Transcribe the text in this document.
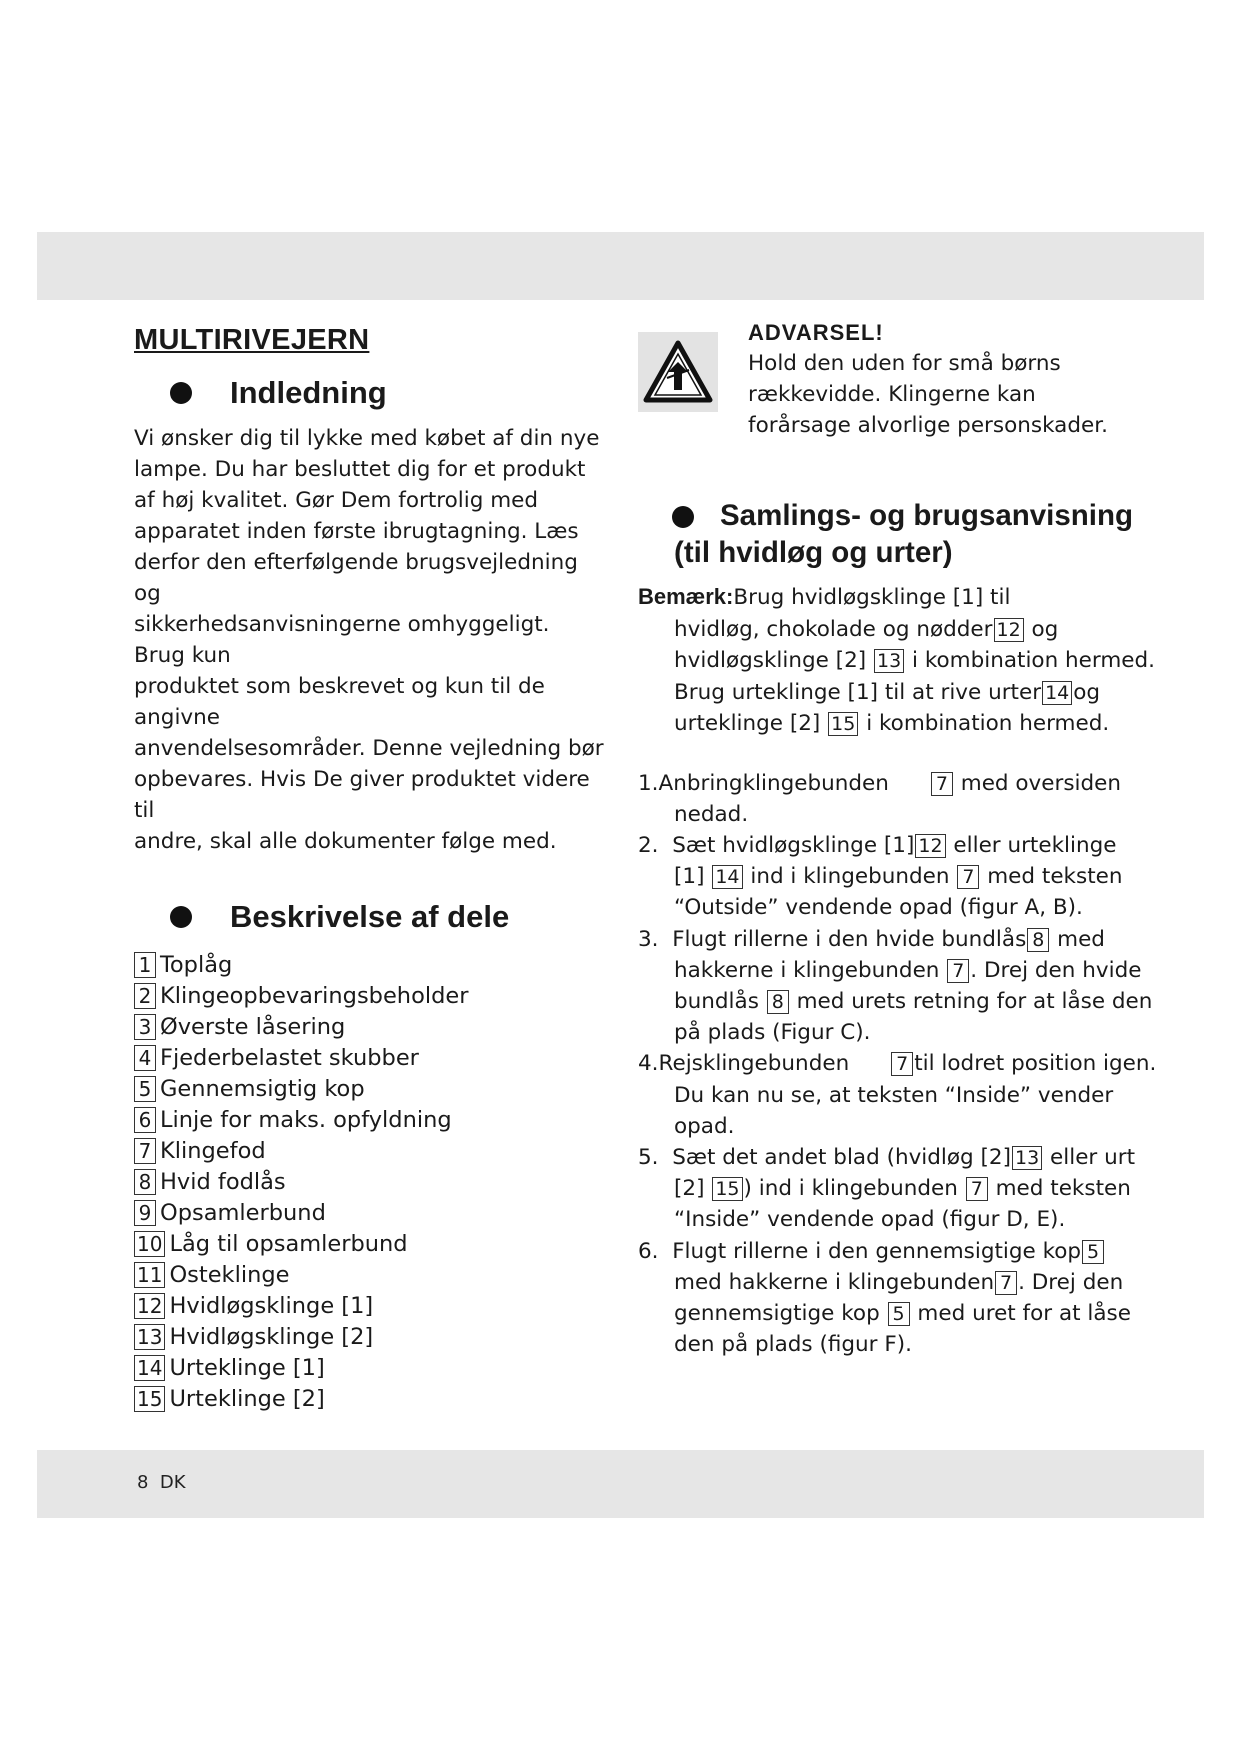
MULTIRIVEJERN
Indledning
Vi ønsker dig til lykke med købet af din nye
lampe. Du har besluttet dig for et produkt
af høj kvalitet. Gør Dem fortrolig med
apparatet inden første ibrugtagning. Læs
derfor den efterfølgende brugsvejledning og
sikkerhedsanvisningerne omhyggeligt. Brug kun
produktet som beskrevet og kun til de angivne
anvendelsesområder. Denne vejledning bør
opbevares. Hvis De giver produktet videre til
andre, skal alle dokumenter følge med.
Beskrivelse af dele
1 Toplåg
2 Klingeopbevaringsbeholder
3 Øverste låsering
4 Fjederbelastet skubber
5 Gennemsigtig kop
6 Linje for maks. opfyldning
7 Klingefod
8 Hvid fodlås
9 Opsamlerbund
10 Låg til opsamlerbund
11 Osteklinge
12 Hvidløgsklinge [1]
13 Hvidløgsklinge [2]
14 Urteklinge [1]
15 Urteklinge [2]
ADVARSEL!
Hold den uden for små børns
rækkevidde. Klingerne kan
forårsage alvorlige personskader.
Samlings- og brugsanvisning
(til hvidløg og urter)
Bemærk:Brug hvidløgsklinge [1] til
hvidløg, chokolade og nødder 12 og
hvidløgsklinge [2] 13 i kombination hermed.
Brug urteklinge [1] til at rive urter 14 og
urteklinge [2] 15 i kombination hermed.
1.Anbringklingebunden 7 med oversiden
nedad.
2. Sæt hvidløgsklinge [1] 12 eller urteklinge
[1] 14 ind i klingebunden 7 med teksten
“Outside” vendende opad (figur A, B).
3. Flugt rillerne i den hvide bundlås 8 med
hakkerne i klingebunden 7 . Drej den hvide
bundlås 8 med urets retning for at låse den
på plads (Figur C).
4.Rejsklingebunden 7 til lodret position igen.
Du kan nu se, at teksten “Inside” vender
opad.
5. Sæt det andet blad (hvidløg [2] 13 eller urt
[2] 15 ) ind i klingebunden 7 med teksten
“Inside” vendende opad (figur D, E).
6. Flugt rillerne i den gennemsigtige kop 5
med hakkerne i klingebunden 7 . Drej den
gennemsigtige kop 5 med uret for at låse
den på plads (figur F).
8 DK
